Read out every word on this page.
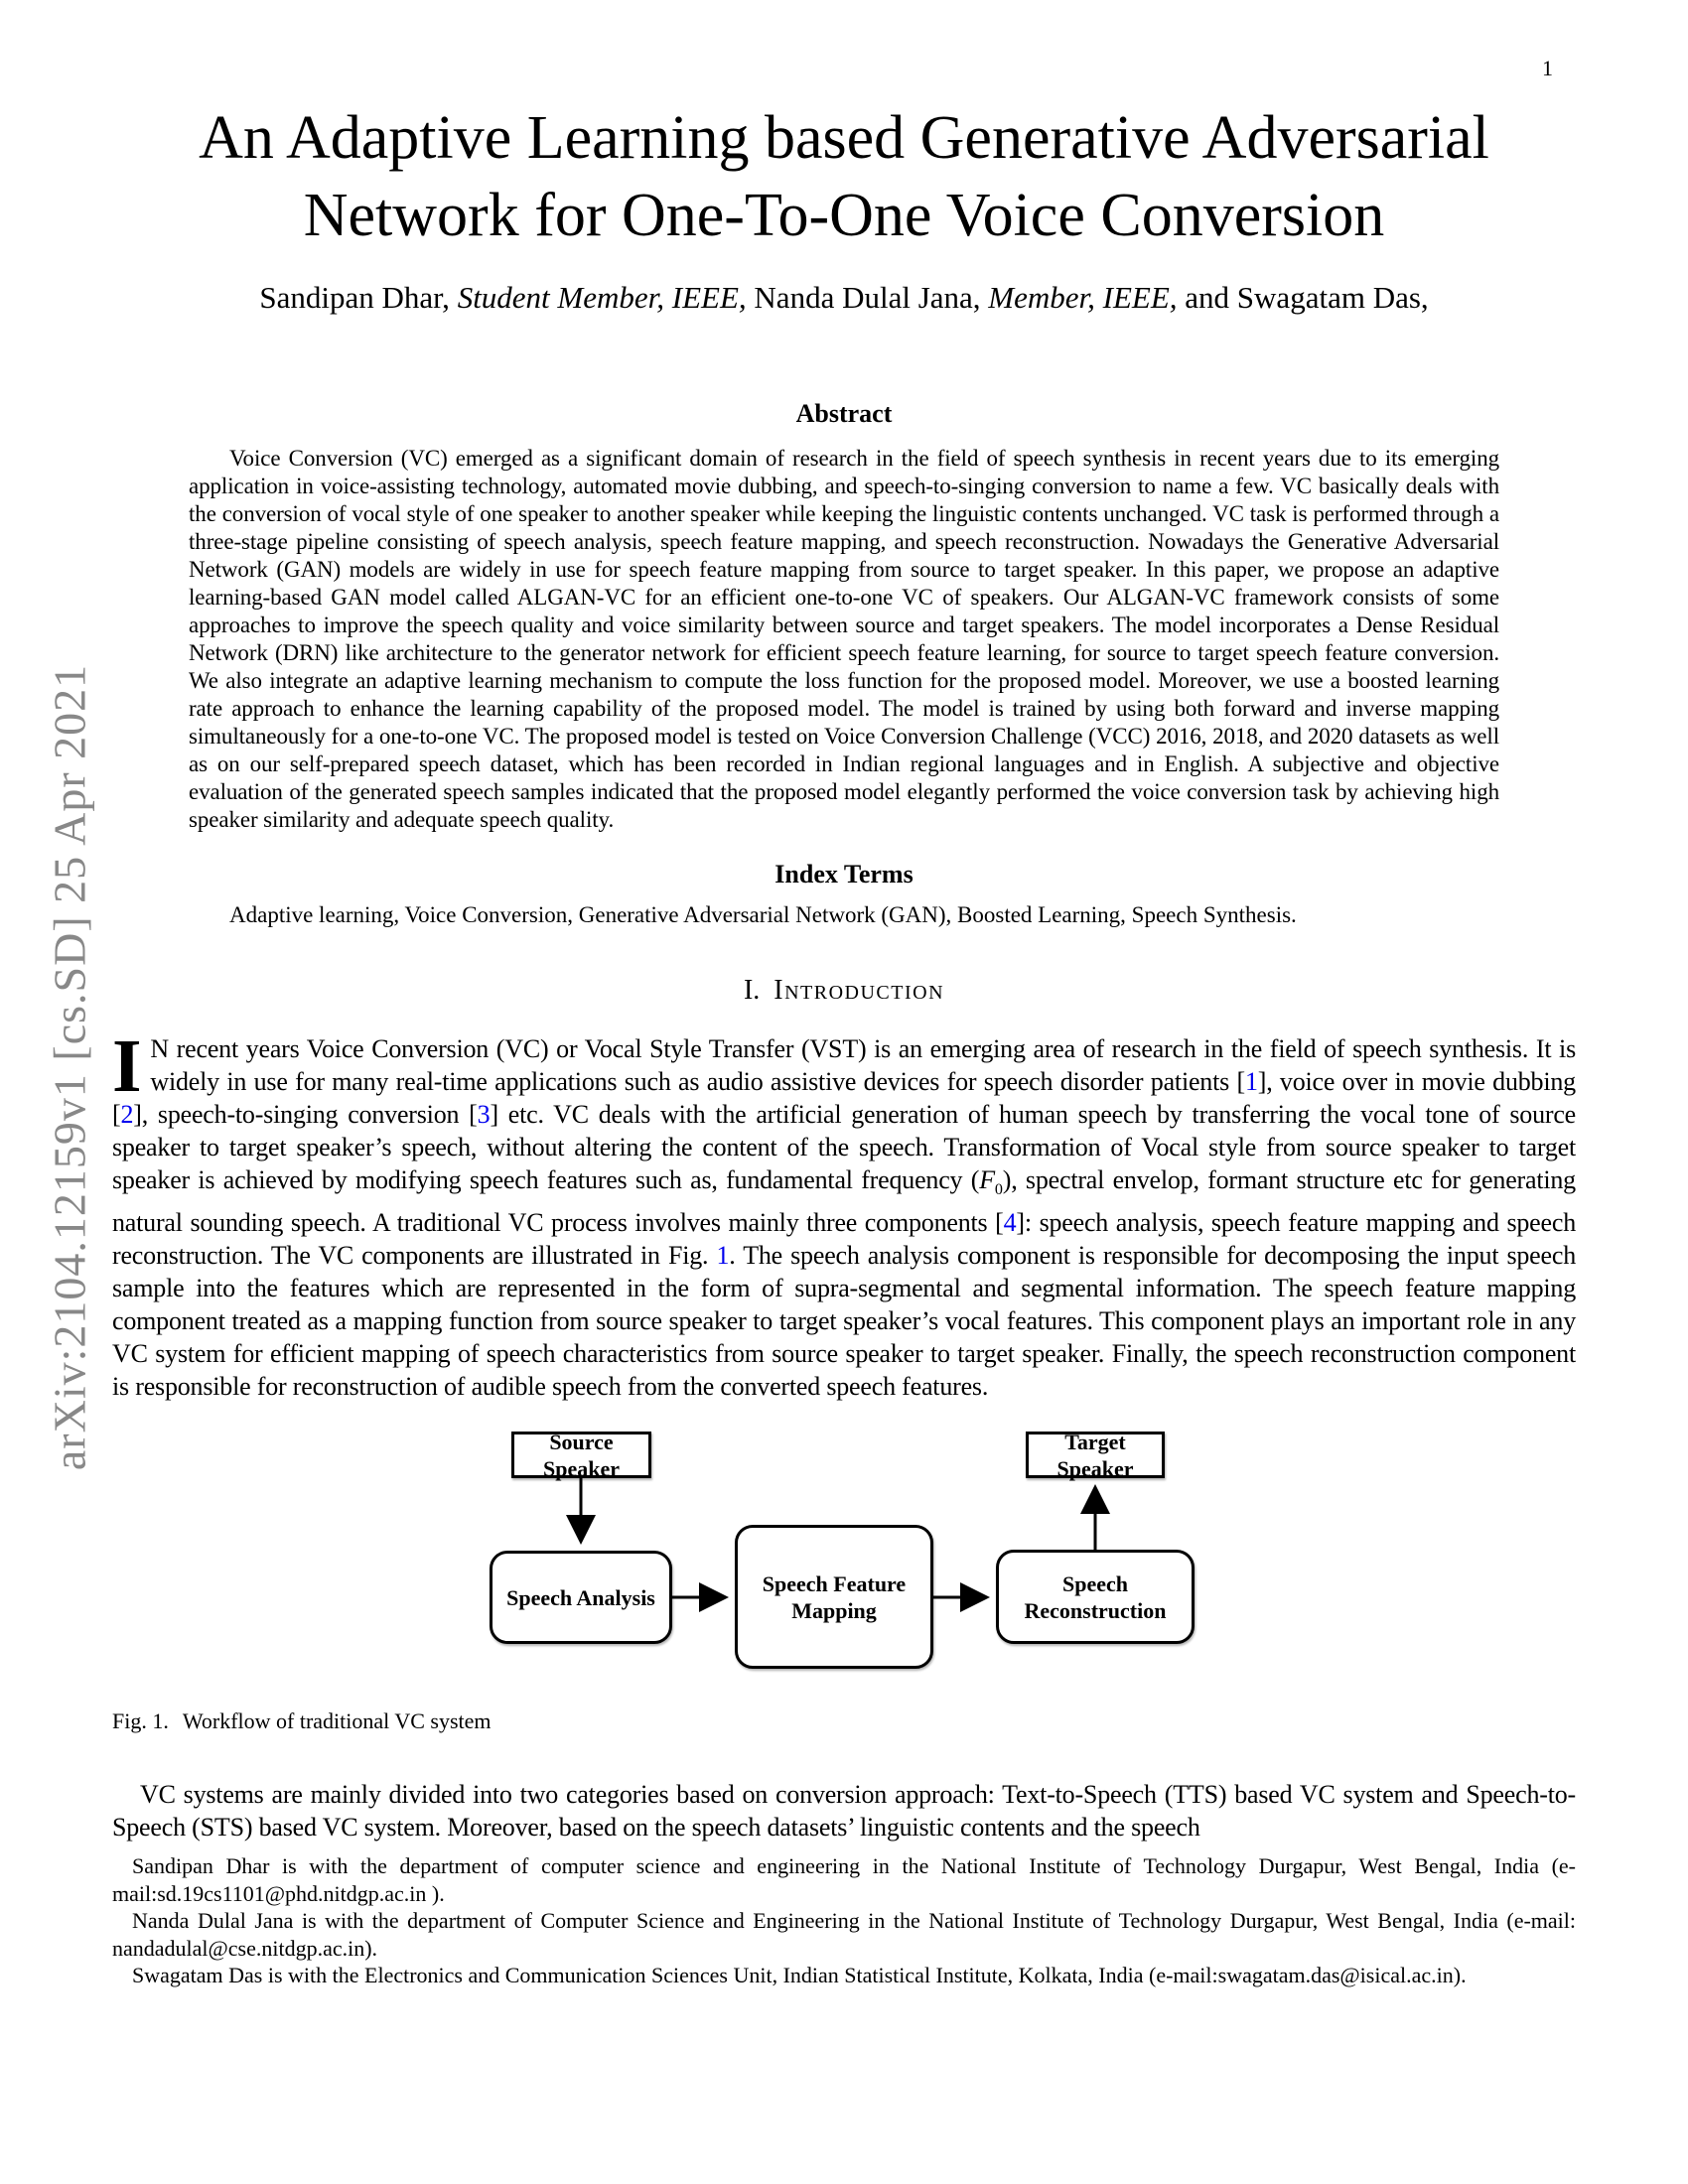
1
arXiv:2104.12159v1 [cs.SD] 25 Apr 2021
An Adaptive Learning based Generative Adversarial
Network for One-To-One Voice Conversion
Sandipan Dhar, Student Member, IEEE, Nanda Dulal Jana, Member, IEEE, and Swagatam Das,
Abstract

Voice Conversion (VC) emerged as a significant domain of research in the field of speech synthesis in recent years due to its emerging application in voice-assisting technology, automated movie dubbing, and speech-to-singing conversion to name a few. VC basically deals with the conversion of vocal style of one speaker to another speaker while keeping the linguistic contents unchanged. VC task is performed through a three-stage pipeline consisting of speech analysis, speech feature mapping, and speech reconstruction. Nowadays the Generative Adversarial Network (GAN) models are widely in use for speech feature mapping from source to target speaker. In this paper, we propose an adaptive learning-based GAN model called ALGAN-VC for an efficient one-to-one VC of speakers. Our ALGAN-VC framework consists of some approaches to improve the speech quality and voice similarity between source and target speakers. The model incorporates a Dense Residual Network (DRN) like architecture to the generator network for efficient speech feature learning, for source to target speech feature conversion. We also integrate an adaptive learning mechanism to compute the loss function for the proposed model. Moreover, we use a boosted learning rate approach to enhance the learning capability of the proposed model. The model is trained by using both forward and inverse mapping simultaneously for a one-to-one VC. The proposed model is tested on Voice Conversion Challenge (VCC) 2016, 2018, and 2020 datasets as well as on our self-prepared speech dataset, which has been recorded in Indian regional languages and in English. A subjective and objective evaluation of the generated speech samples indicated that the proposed model elegantly performed the voice conversion task by achieving high speaker similarity and adequate speech quality.

Index Terms

Adaptive learning, Voice Conversion, Generative Adversarial Network (GAN), Boosted Learning, Speech Synthesis.

I. Introduction

I N recent years Voice Conversion (VC) or Vocal Style Transfer (VST) is an emerging area of research in the field of speech synthesis. It is widely in use for many real-time applications such as audio assistive devices for speech disorder patients [1], voice over in movie dubbing [2], speech-to-singing conversion [3] etc. VC deals with the artificial generation of human speech by transferring the vocal tone of source speaker to target speaker’s speech, without altering the content of the speech. Transformation of Vocal style from source speaker to target speaker is achieved by modifying speech features such as, fundamental frequency $(F_0)$, spectral envelop, formant structure etc for generating natural sounding speech. A traditional VC process involves mainly three components [4]: speech analysis, speech feature mapping and speech reconstruction. The VC components are illustrated in Fig. 1. The speech analysis component is responsible for decomposing the input speech sample into the features which are represented in the form of supra-segmental and segmental information. The speech feature mapping component treated as a mapping function from source speaker to target speaker’s vocal features. This component plays an important role in any VC system for efficient mapping of speech characteristics from source speaker to target speaker. Finally, the speech reconstruction component is responsible for reconstruction of audible speech from the converted speech features.

Source Speaker
Speech Analysis
Speech Feature Mapping
Speech Reconstruction
Target Speaker

Fig. 1. Workflow of traditional VC system

VC systems are mainly divided into two categories based on conversion approach: Text-to-Speech (TTS) based VC system and Speech-to-Speech (STS) based VC system. Moreover, based on the speech datasets’ linguistic contents and the speech

Sandipan Dhar is with the department of computer science and engineering in the National Institute of Technology Durgapur, West Bengal, India (e-mail:sd.19cs1101@phd.nitdgp.ac.in ).

Nanda Dulal Jana is with the department of Computer Science and Engineering in the National Institute of Technology Durgapur, West Bengal, India (e-mail: nandadulal@cse.nitdgp.ac.in).

Swagatam Das is with the Electronics and Communication Sciences Unit, Indian Statistical Institute, Kolkata, India (e-mail:swagatam.das@isical.ac.in).
